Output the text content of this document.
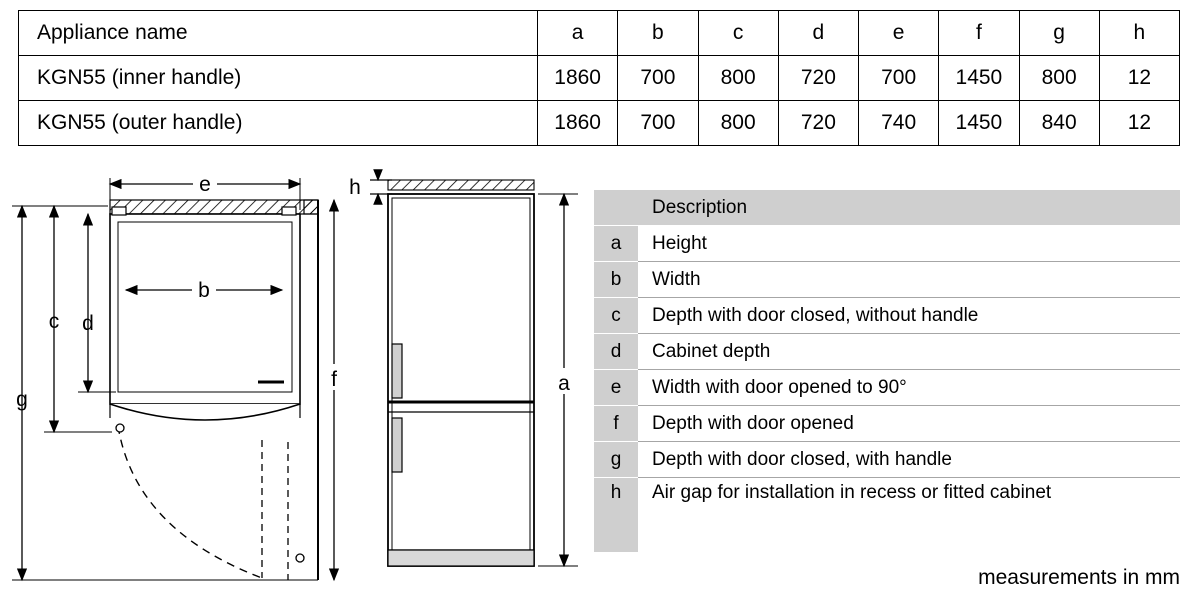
Appliance name	a	b	c	d	e	f	g	h
KGN55 (inner handle)	1860	700	800	720	700	1450	800	12
KGN55 (outer handle)	1860	700	800	720	740	1450	840	12
e
b
g
c d
f
h
a
	Description
a	Height
b	Width
c	Depth with door closed, without handle
d	Cabinet depth
e	Width with door opened to 90°
f	Depth with door opened
g	Depth with door closed, with handle
h	Air gap for installation in recess or fitted cabinet
measurements in mm
